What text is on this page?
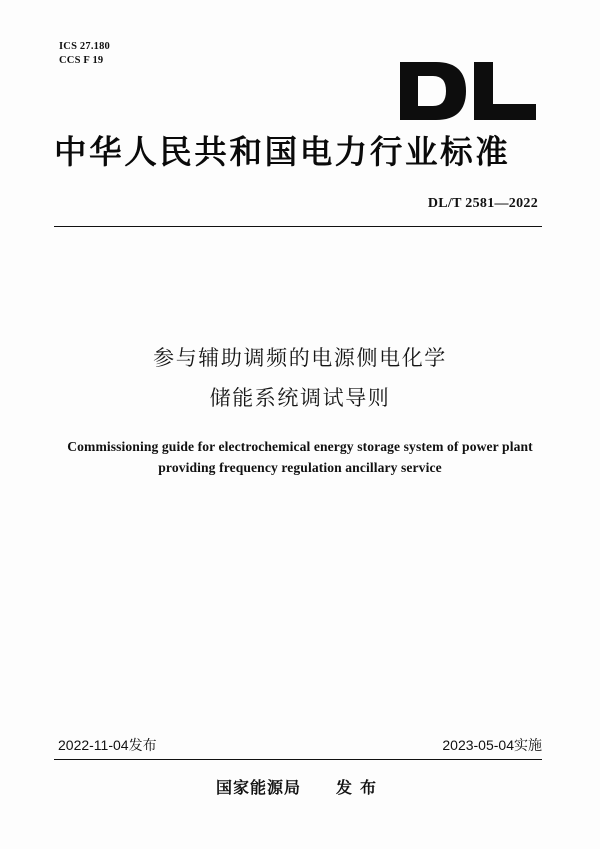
ICS 27.180
CCS F 19
中华人民共和国电力行业标准
DL/T 2581—2022
参与辅助调频的电源侧电化学
储能系统调试导则
Commissioning guide for electrochemical energy storage system of power plant
providing frequency regulation ancillary service
2022-11-04发布	2023-05-04实施
国家能源局 发布
